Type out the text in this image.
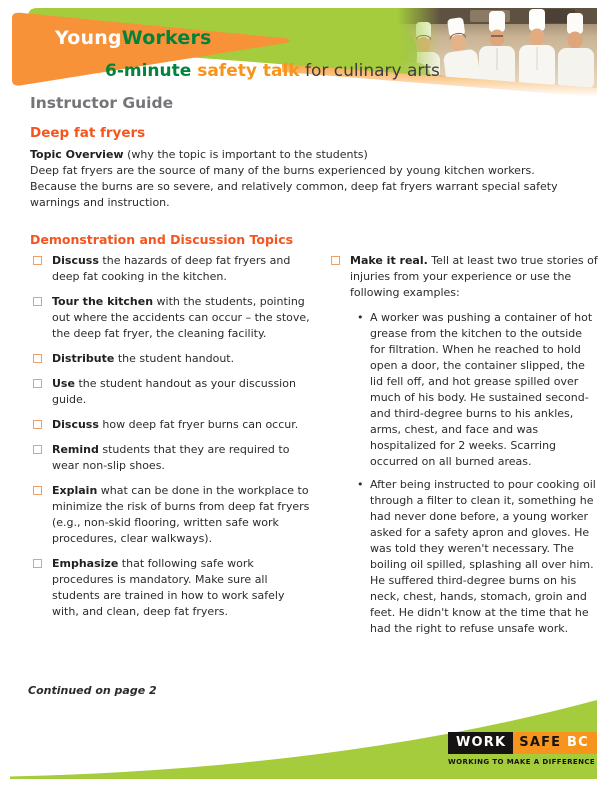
YoungWorkers
6-minute safety talk for culinary arts
Instructor Guide
Deep fat fryers
Topic Overview (why the topic is important to the students)
Deep fat fryers are the source of many of the burns experienced by young kitchen workers. Because the burns are so severe, and relatively common, deep fat fryers warrant special safety warnings and instruction.
Demonstration and Discussion Topics
Discuss the hazards of deep fat fryers and deep fat cooking in the kitchen.
Tour the kitchen with the students, pointing out where the accidents can occur – the stove, the deep fat fryer, the cleaning facility.
Distribute the student handout.
Use the student handout as your discussion guide.
Discuss how deep fat fryer burns can occur.
Remind students that they are required to wear non-slip shoes.
Explain what can be done in the workplace to minimize the risk of burns from deep fat fryers (e.g., non-skid flooring, written safe work procedures, clear walkways).
Emphasize that following safe work procedures is mandatory. Make sure all students are trained in how to work safely with, and clean, deep fat fryers.
Make it real. Tell at least two true stories of injuries from your experience or use the following examples:
• A worker was pushing a container of hot grease from the kitchen to the outside for filtration. When he reached to hold open a door, the container slipped, the lid fell off, and hot grease spilled over much of his body. He sustained second- and third-degree burns to his ankles, arms, chest, and face and was hospitalized for 2 weeks. Scarring occurred on all burned areas.
• After being instructed to pour cooking oil through a filter to clean it, something he had never done before, a young worker asked for a safety apron and gloves. He was told they weren't necessary. The boiling oil spilled, splashing all over him. He suffered third-degree burns on his neck, chest, hands, stomach, groin and feet. He didn't know at the time that he had the right to refuse unsafe work.
Continued on page 2
WORK	SAFE BC
WORKING TO MAKE A DIFFERENCE
